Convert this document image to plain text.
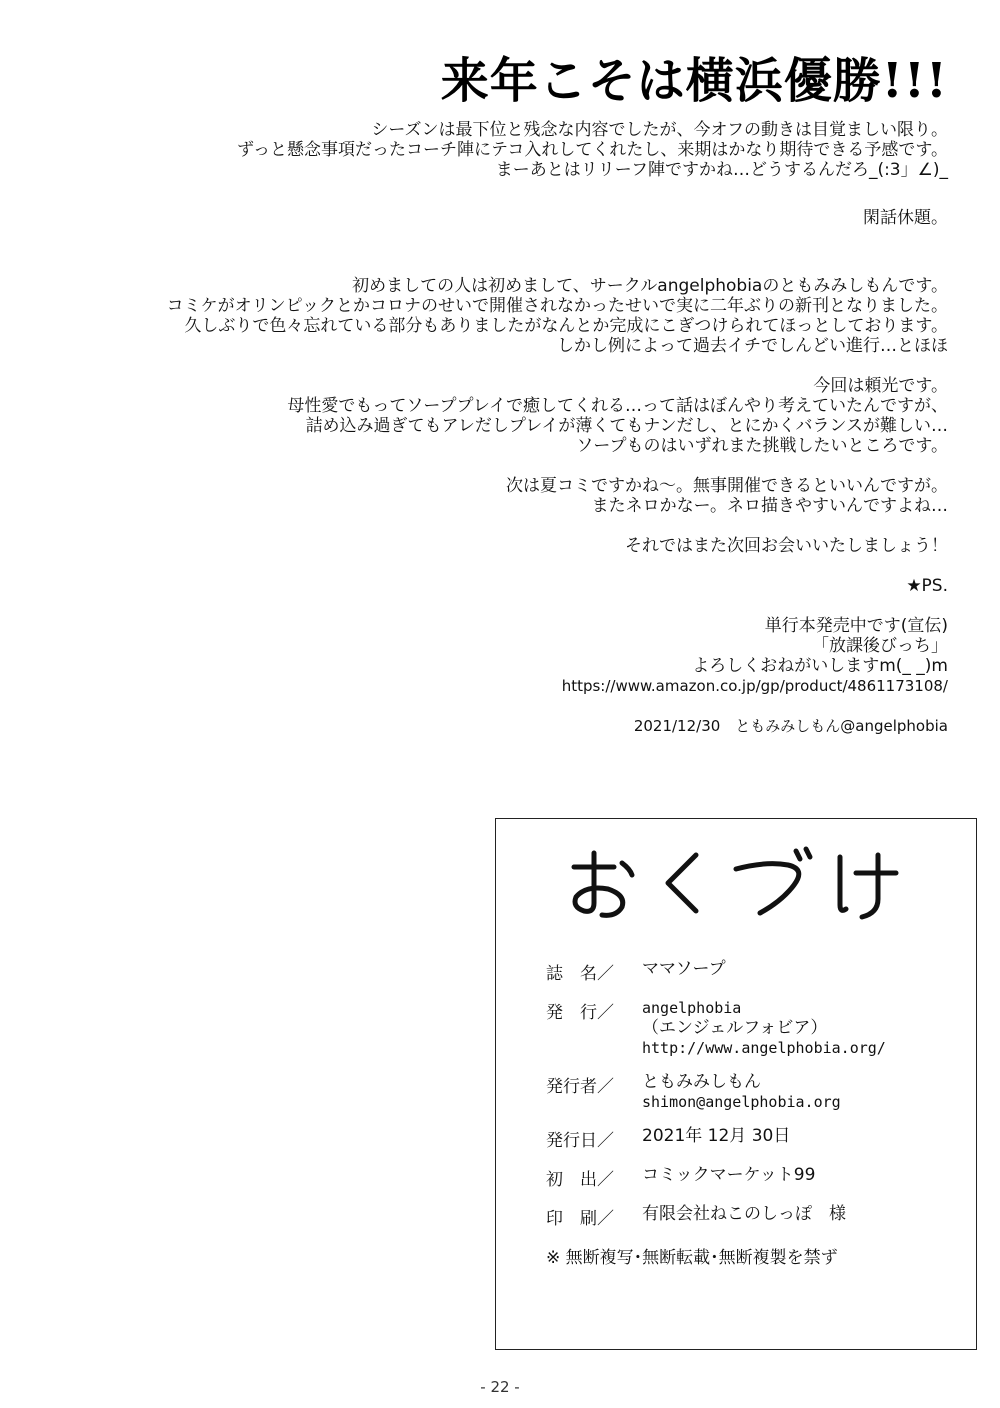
来年こそは横浜優勝!!!
シーズンは最下位と残念な内容でしたが、今オフの動きは目覚ましい限り。
ずっと懸念事項だったコーチ陣にテコ入れしてくれたし、来期はかなり期待できる予感です。
まーあとはリリーフ陣ですかね…どうするんだろ_(:3」∠)_
閑話休題。
初めましての人は初めまして、サークルangelphobiaのともみみしもんです。
コミケがオリンピックとかコロナのせいで開催されなかったせいで実に二年ぶりの新刊となりました。
久しぶりで色々忘れている部分もありましたがなんとか完成にこぎつけられてほっとしております。
しかし例によって過去イチでしんどい進行…とほほ
今回は頼光です。
母性愛でもってソーププレイで癒してくれる…って話はぼんやり考えていたんですが、
詰め込み過ぎてもアレだしプレイが薄くてもナンだし、とにかくバランスが難しい…
ソープものはいずれまた挑戦したいところです。
次は夏コミですかね～。無事開催できるといいんですが。
またネロかなー。ネロ描きやすいんですよね…
それではまた次回お会いいたしましょう！
★PS.
単行本発売中です(宣伝)
「放課後びっち」
よろしくおねがいしますm(_ _)m
https://www.amazon.co.jp/gp/product/4861173108/
2021/12/30　ともみみしもん@angelphobia
誌　名／	ママソープ
発　行／	angelphobia
（エンジェルフォビア）
http://www.angelphobia.org/
発行者／	ともみみしもん
shimon@angelphobia.org
発行日／	2021年 12月 30日
初　出／	コミックマーケット99
印　刷／	有限会社ねこのしっぽ　様
※ 無断複写･無断転載･無断複製を禁ず
- 22 -
